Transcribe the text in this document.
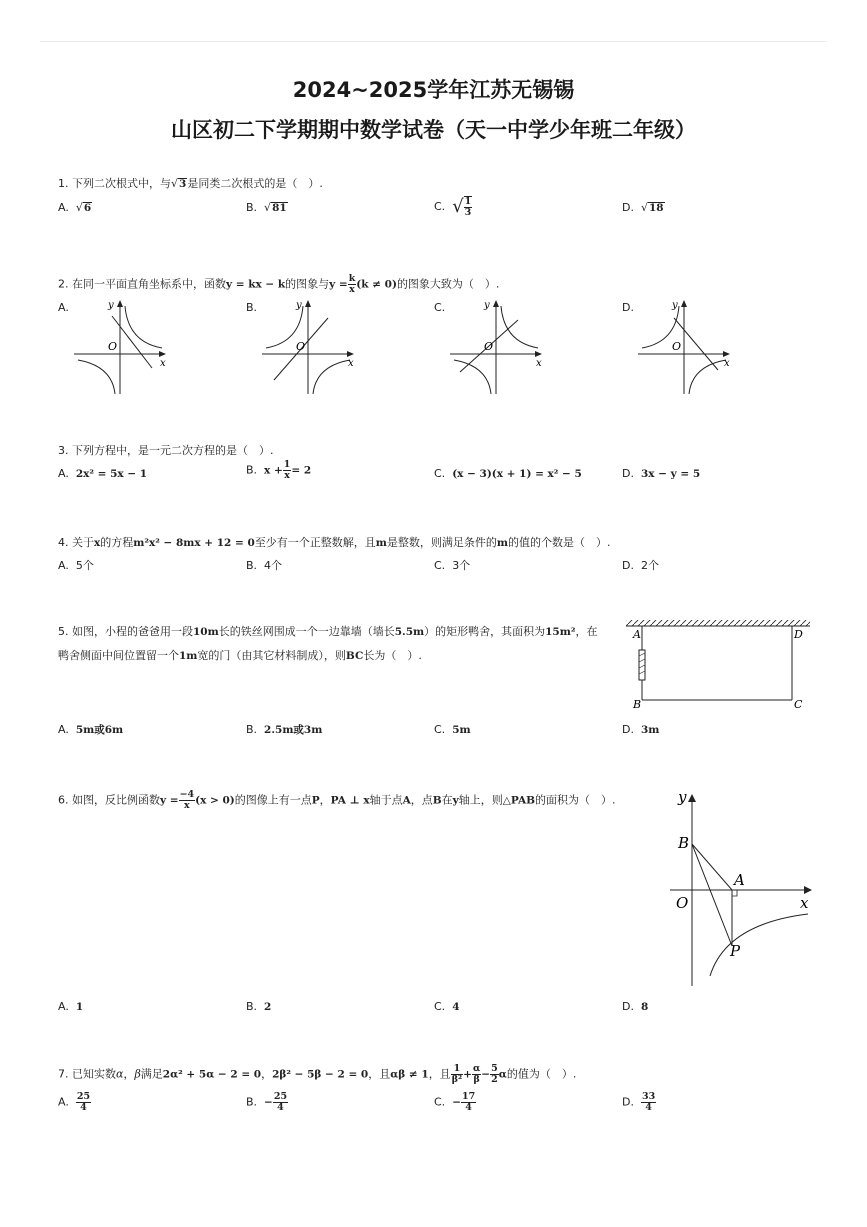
2024~2025学年江苏无锡锡
山区初二下学期期中数学试卷（天一中学少年班二年级）
1. 下列二次根式中，与√3是同类二次根式的是（　）.
A. √6	B. √81	C. √ $\frac{1}{3}$	D. √18
2. 在同一平面直角坐标系中，函数y = kx − k的图象与$y = \frac{k}{x} (k \ne 0)$的图象大致为（　）.
A.	B.	C.	D.
O
x
y
O
x
y
O
x
y
O
x
y
3. 下列方程中，是一元二次方程的是（　）.
A. 2x² = 5x − 1	B. $x + \frac{1}{x} = 2$	C. (x − 3)(x + 1) = x² − 5	D. 3x − y = 5
4. 关于x的方程m²x² − 8mx + 12 = 0至少有一个正整数解，且m是整数，则满足条件的m的值的个数是（　）.
A. 5个	B. 4个	C. 3个	D. 2个
5. 如图，小程的爸爸用一段10m长的铁丝网围成一个一边靠墙（墙长5.5m）的矩形鸭舍，其面积为15m²，在
鸭舍侧面中间位置留一个1m宽的门（由其它材料制成），则BC长为（　）.
A	D
B	C
A. 5m或6m	B. 2.5m或3m	C. 5m	D. 3m
6. 如图，反比例函数$y = \frac{-4}{x} (x > 0)$的图像上有一点P，PA ⊥ x轴于点A，点B在y轴上，则△PAB的面积为（　）.	y
x
O
B
A
P
A. 1	B. 2	C. 4	D. 8
7. 已知实数α，β满足2α² + 5α − 2 = 0，2β² − 5β − 2 = 0，且αβ ≠ 1，且 $\frac{1}{\text{β²}} + \frac{\alpha}{\beta} - \frac{5}{2}$ α的值为（　）.
A. $\frac{25}{4}$	B. − $\frac{25}{4}$	C. − $\frac{17}{4}$	D. $\frac{33}{4}$
